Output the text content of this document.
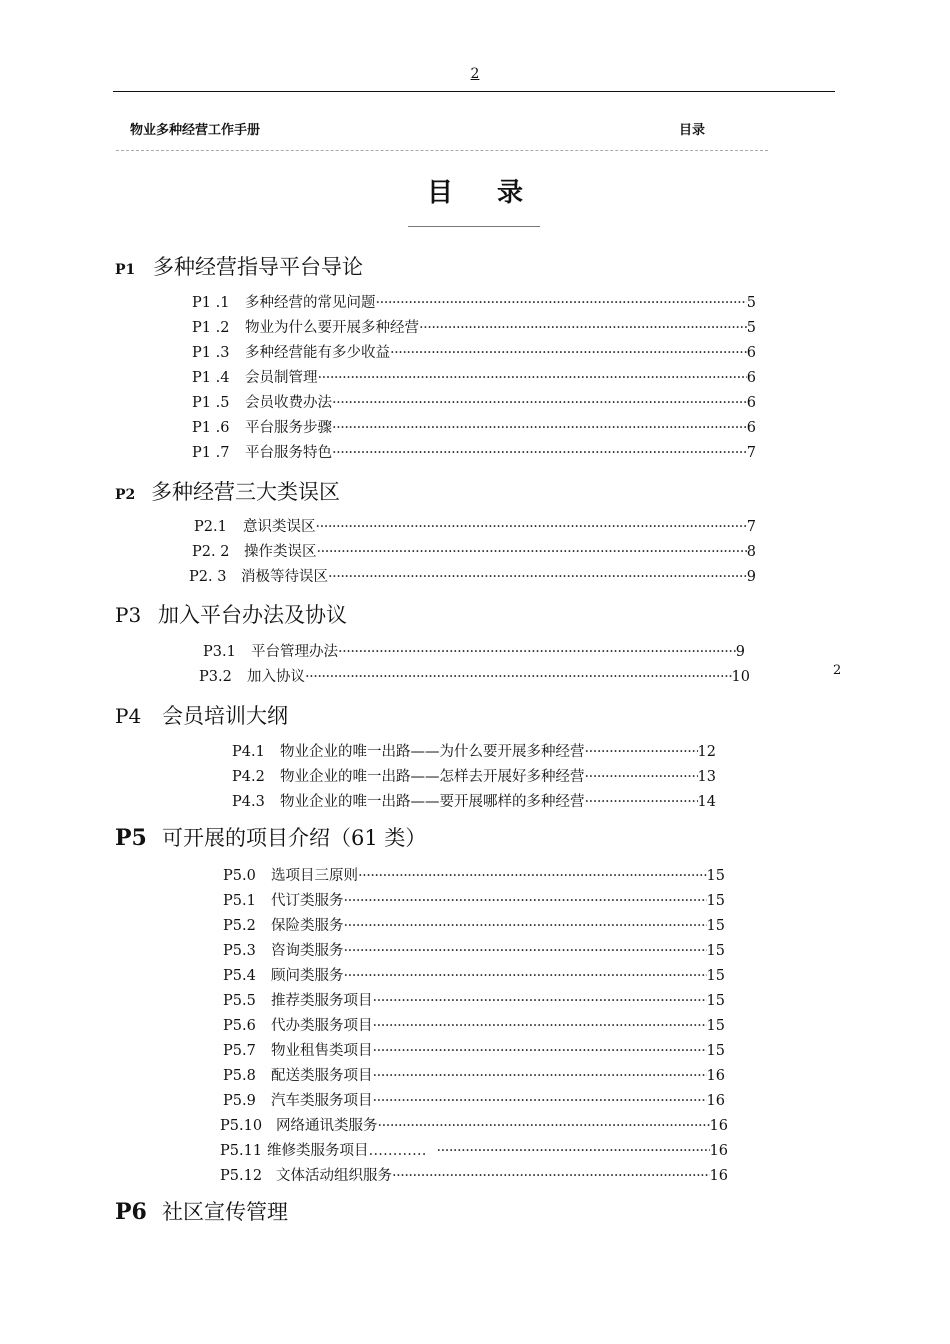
2
物业多种经营工作手册	目录
目录
2
P1 多种经营指导平台导论
P1 .1	多种经营的常见问题 ·····	5
P1 .2	物业为什么要开展多种经营 ·····	5
P1 .3	多种经营能有多少收益 ·····	6
P1 .4	会员制管理 ·····	6
P1 .5	会员收费办法 ·····	6
P1 .6	平台服务步骤 ·····	6
P1 .7	平台服务特色 ·····	7
P2 多种经营三大类误区
P2.1	意识类误区 ·····	7
P2. 2	操作类误区 ·····	8
P2. 3	消极等待误区 ·····	9
P3 加入平台办法及协议
P3.1	平台管理办法 ·····	9
P3.2	加入协议 ·····	10
P4 会员培训大纲
P4.1	物业企业的唯一出路——为什么要开展多种经营 ·····	12
P4.2	物业企业的唯一出路——怎样去开展好多种经营 ·····	13
P4.3	物业企业的唯一出路——要开展哪样的多种经营 ·····	14
P5 可开展的项目介绍（61 类）
P5.0	选项目三原则 ·····	15
P5.1	代订类服务 ·····	15
P5.2	保险类服务 ·····	15
P5.3	咨询类服务 ·····	15
P5.4	顾问类服务 ·····	15
P5.5	推荐类服务项目 ·····	15
P5.6	代办类服务项目 ·····	15
P5.7	物业租售类项目 ·····	15
P5.8	配送类服务项目 ·····	16
P5.9	汽车类服务项目 ·····	16
P5.10 网络通讯类服务 ·····	16
P5.11 维修类服务项目 ………… ·····	16
P5.12 文体活动组织服务 ·····	16
P6 社区宣传管理
